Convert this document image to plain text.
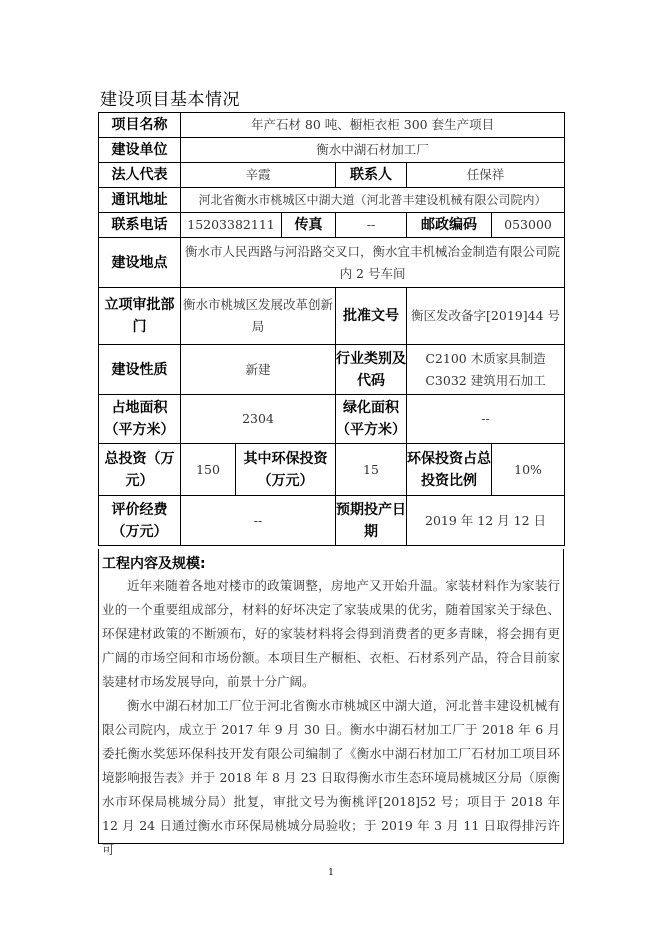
建设项目基本情况
项目名称	年产石材 80 吨、橱柜衣柜 300 套生产项目					
建设单位	衡水中湖石材加工厂					
法人代表	辛霞			联系人	任保祥	
通讯地址	河北省衡水市桃城区中湖大道（河北普丰建设机械有限公司院内）					
联系电话	15203382111		传真	--	邮政编码	053000
建设地点	衡水市人民西路与河沿路交叉口，衡水宜丰机械冶金制造有限公司院内 2 号车间					
立项审批部门	衡水市桃城区发展改革创新局			批准文号	衡区发改备字[2019]44 号	
建设性质	新建			行业类别及代码	C2100 木质家具制造
C3032 建筑用石加工	

占地面积（平方米）	2304			绿化面积（平方米）	--	
总投资（万元）	150	其中环保投资（万元）		15	环保投资占总投资比例	10%
评价经费（万元）	--			预期投产日期	2019 年 12 月 12 日	
工程内容及规模:

近年来随着各地对楼市的政策调整，房地产又开始升温。家装材料作为家装行业的一个重要组成部分，材料的好坏决定了家装成果的优劣，随着国家关于绿色、环保建材政策的不断颁布，好的家装材料将会得到消费者的更多青睐，将会拥有更广阔的市场空间和市场份额。本项目生产橱柜、衣柜、石材系列产品，符合目前家装建材市场发展导向，前景十分广阔。

衡水中湖石材加工厂位于河北省衡水市桃城区中湖大道，河北普丰建设机械有限公司院内，成立于 2017 年 9 月 30 日。衡水中湖石材加工厂于 2018 年 6 月委托衡水奖惩环保科技开发有限公司编制了《衡水中湖石材加工厂石材加工项目环境影响报告表》并于 2018 年 8 月 23 日取得衡水市生态环境局桃城区分局（原衡水市环保局桃城分局）批复，审批文号为衡桃评[2018]52 号；项目于 2018 年 12 月 24 日通过衡水市环保局桃城分局验收；于 2019 年 3 月 11 日取得排污许可

1
